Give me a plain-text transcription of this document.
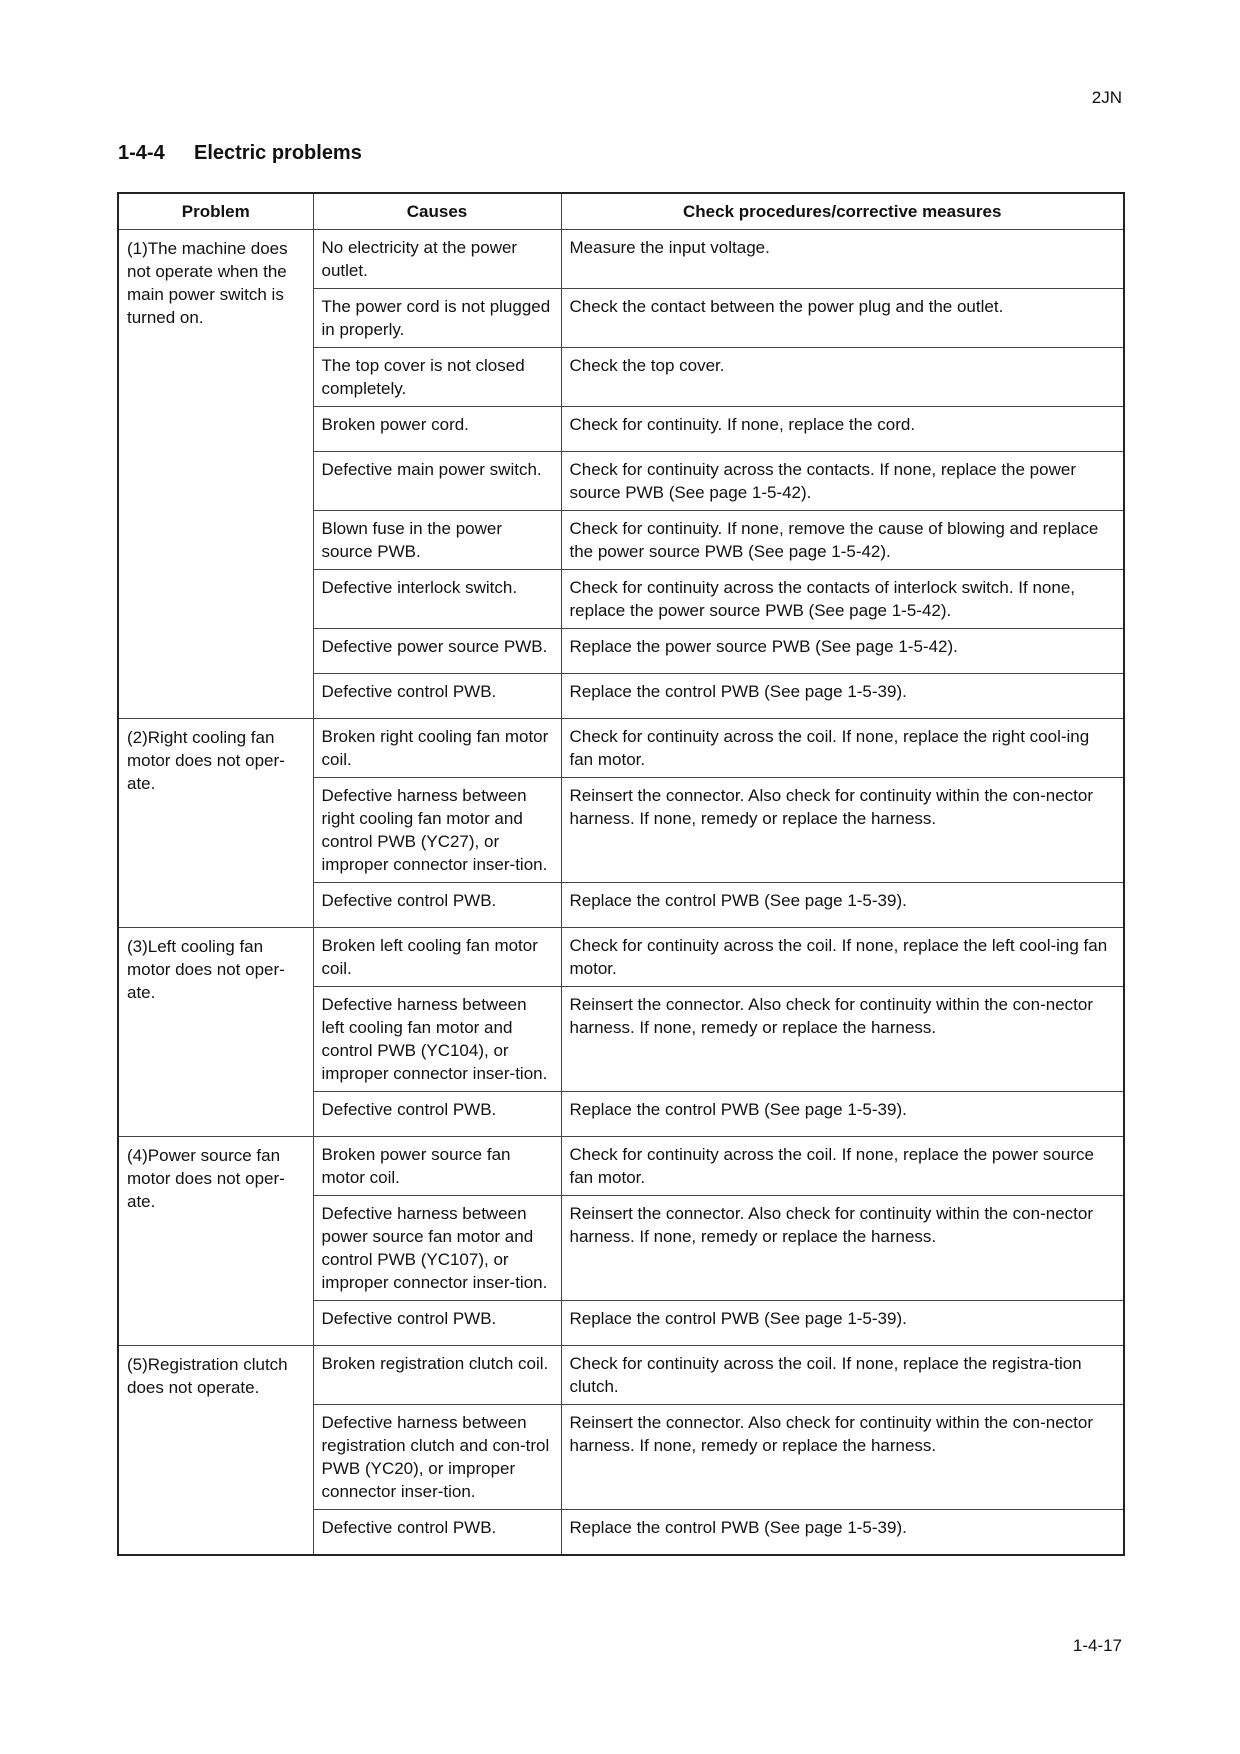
2JN
1-4-4 Electric problems
Problem	Causes	Check procedures/corrective measures
(1)The machine does not operate when the main power switch is turned on.	No electricity at the power outlet.	Measure the input voltage.
	The power cord is not plugged in properly.	Check the contact between the power plug and the outlet.
	The top cover is not closed completely.	Check the top cover.
	Broken power cord.	Check for continuity. If none, replace the cord.
	Defective main power switch.	Check for continuity across the contacts. If none, replace the power source PWB (See page 1-5-42).
	Blown fuse in the power source PWB.	Check for continuity. If none, remove the cause of blowing and replace the power source PWB (See page 1-5-42).
	Defective interlock switch.	Check for continuity across the contacts of interlock switch. If none, replace the power source PWB (See page 1-5-42).
	Defective power source PWB.	Replace the power source PWB (See page 1-5-42).
	Defective control PWB.	Replace the control PWB (See page 1-5-39).
(2)Right cooling fan motor does not oper-ate.	Broken right cooling fan motor coil.	Check for continuity across the coil. If none, replace the right cool-ing fan motor.
	Defective harness between right cooling fan motor and control PWB (YC27), or improper connector inser-tion.	Reinsert the connector. Also check for continuity within the con-nector harness. If none, remedy or replace the harness.
	Defective control PWB.	Replace the control PWB (See page 1-5-39).
(3)Left cooling fan motor does not oper-ate.	Broken left cooling fan motor coil.	Check for continuity across the coil. If none, replace the left cool-ing fan motor.
	Defective harness between left cooling fan motor and control PWB (YC104), or improper connector inser-tion.	Reinsert the connector. Also check for continuity within the con-nector harness. If none, remedy or replace the harness.
	Defective control PWB.	Replace the control PWB (See page 1-5-39).
(4)Power source fan motor does not oper-ate.	Broken power source fan motor coil.	Check for continuity across the coil. If none, replace the power source fan motor.
	Defective harness between power source fan motor and control PWB (YC107), or improper connector inser-tion.	Reinsert the connector. Also check for continuity within the con-nector harness. If none, remedy or replace the harness.
	Defective control PWB.	Replace the control PWB (See page 1-5-39).
(5)Registration clutch does not operate.	Broken registration clutch coil.	Check for continuity across the coil. If none, replace the registra-tion clutch.
	Defective harness between registration clutch and con-trol PWB (YC20), or improper connector inser-tion.	Reinsert the connector. Also check for continuity within the con-nector harness. If none, remedy or replace the harness.
	Defective control PWB.	Replace the control PWB (See page 1-5-39).
1-4-17
